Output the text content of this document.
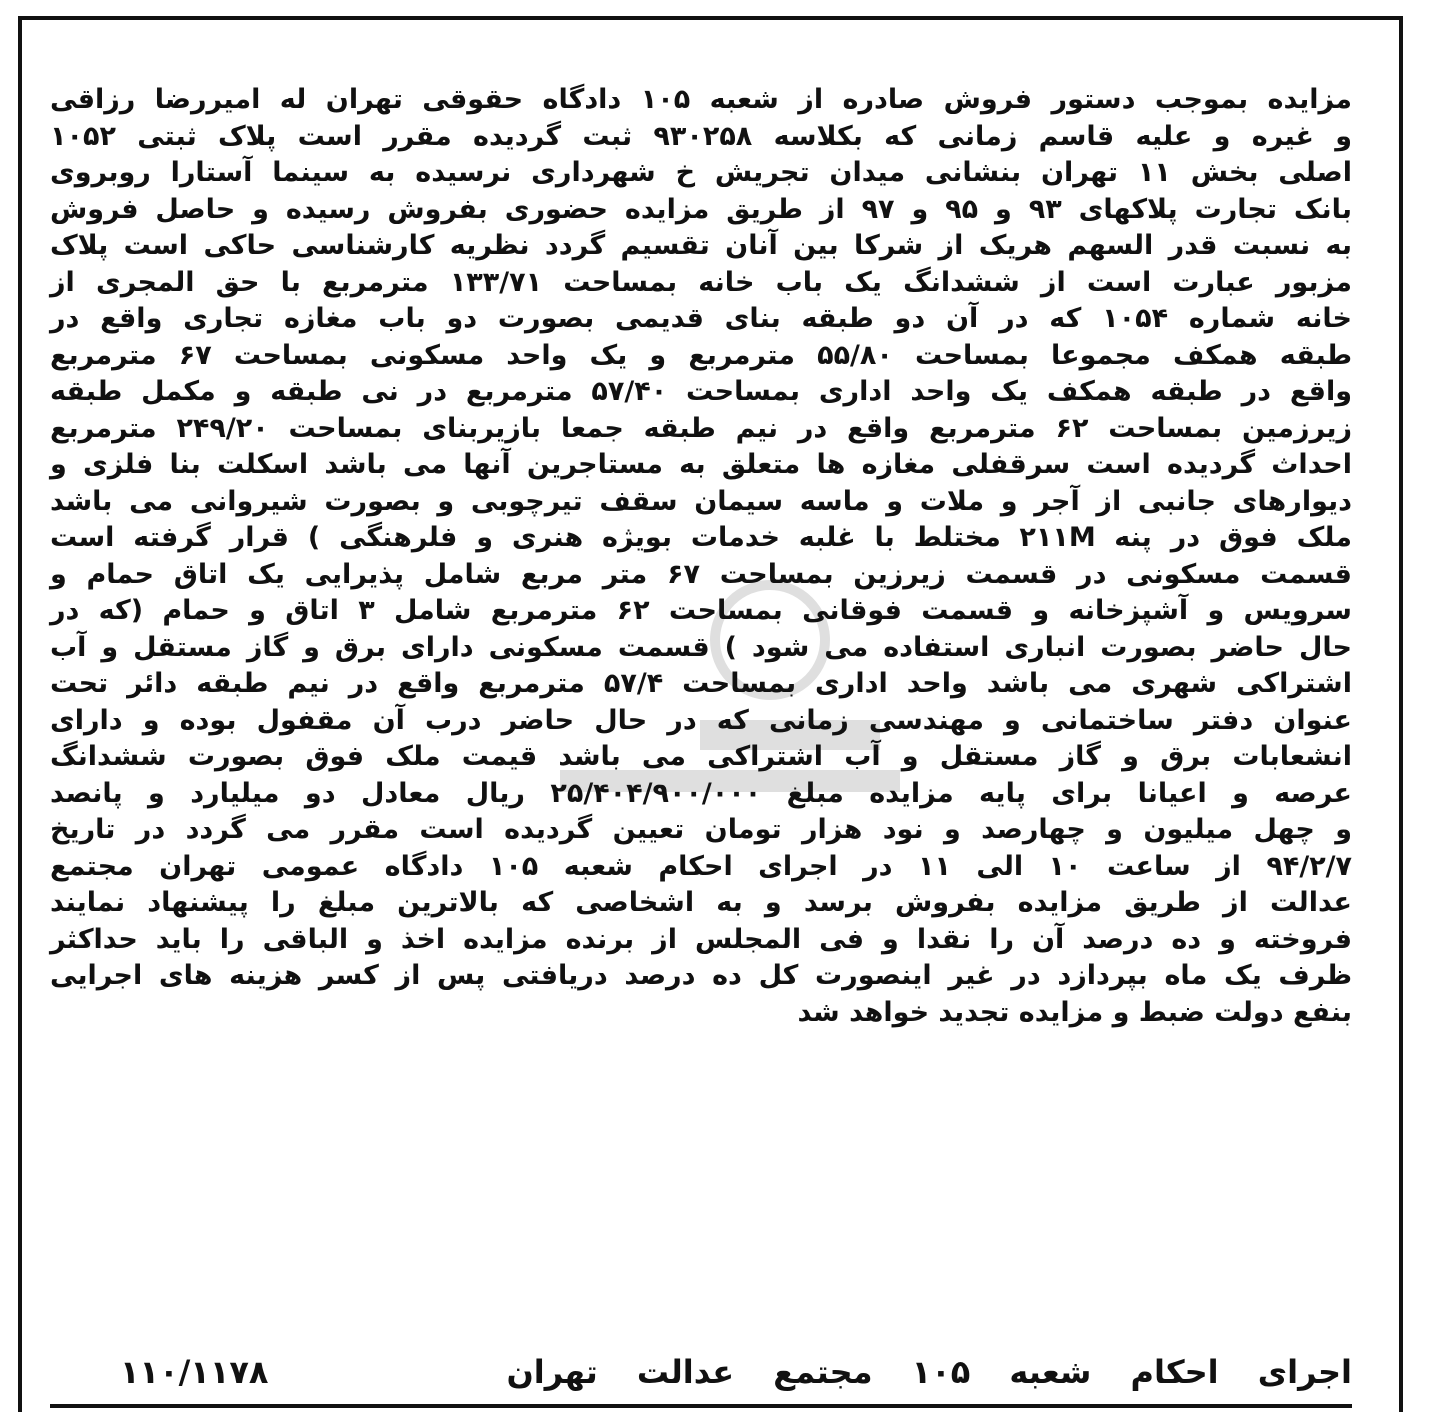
مزایده بموجب دستور فروش صادره از شعبه ۱۰۵ دادگاه حقوقی تهران له امیررضا رزاقی
و غیره و علیه قاسم زمانی که بکلاسه ۹۳۰۲۵۸ ثبت گردیده مقرر است پلاک ثبتی ۱۰۵۲
اصلی بخش ۱۱ تهران بنشانی میدان تجریش خ شهرداری نرسیده به سینما آستارا روبروی
بانک تجارت پلاکهای ۹۳ و ۹۵ و ۹۷ از طریق مزایده حضوری بفروش رسیده و حاصل فروش
به نسبت قدر السهم هریک از شرکا بین آنان تقسیم گردد نظریه کارشناسی حاکی است پلاک
مزبور عبارت است از ششدانگ یک باب خانه بمساحت ۱۳۳/۷۱ مترمربع با حق المجری از
خانه شماره ۱۰۵۴ که در آن دو طبقه بنای قدیمی بصورت دو باب مغازه تجاری واقع در
طبقه همکف مجموعا بمساحت ۵۵/۸۰ مترمربع و یک واحد مسکونی بمساحت ۶۷ مترمربع
واقع در طبقه همکف یک واحد اداری بمساحت ۵۷/۴۰ مترمربع در نی طبقه و مکمل طبقه
زیرزمین بمساحت ۶۲ مترمربع واقع در نیم طبقه جمعا بازیربنای بمساحت ۲۴۹/۲۰ مترمربع
احداث گردیده است سرقفلی مغازه ها متعلق به مستاجرین آنها می باشد اسکلت بنا فلزی و
دیوارهای جانبی از آجر و ملات و ماسه سیمان سقف تیرچوبی و بصورت شیروانی می باشد
ملک فوق در پنه ۲۱۱M مختلط با غلبه خدمات بویژه هنری و فلرهنگی ) قرار گرفته است
قسمت مسکونی در قسمت زیرزین بمساحت ۶۷ متر مربع شامل پذیرایی یک اتاق حمام و
سرویس و آشپزخانه و قسمت فوقانی بمساحت ۶۲ مترمربع شامل ۳ اتاق و حمام (که در
حال حاضر بصورت انباری استفاده می شود ) قسمت مسکونی دارای برق و گاز مستقل و آب
اشتراکی شهری می باشد واحد اداری بمساحت ۵۷/۴ مترمربع واقع در نیم طبقه دائر تحت
عنوان دفتر ساختمانی و مهندسی زمانی که در حال حاضر درب آن مقفول بوده و دارای
انشعابات برق و گاز مستقل و آب اشتراکی می باشد قیمت ملک فوق بصورت ششدانگ
عرصه و اعیانا برای پایه مزایده مبلغ ۲۵/۴۰۴/۹۰۰/۰۰۰ ریال معادل دو میلیارد و پانصد
و چهل میلیون و چهارصد و نود هزار تومان تعیین گردیده است مقرر می گردد در تاریخ
۹۴/۲/۷ از ساعت ۱۰ الی ۱۱ در اجرای احکام شعبه ۱۰۵ دادگاه عمومی تهران مجتمع
عدالت از طریق مزایده بفروش برسد و به اشخاصی که بالاترین مبلغ را پیشنهاد نمایند
فروخته و ده درصد آن را نقدا و فی المجلس از برنده مزایده اخذ و الباقی را باید حداکثر
ظرف یک ماه بپردازد در غیر اینصورت کل ده درصد دریافتی پس از کسر هزینه های اجرایی
بنفع دولت ضبط و مزایده تجدید خواهد شد
اجرای احکام شعبه ۱۰۵ مجتمع عدالت تهران
۱۱۰/۱۱۷۸
